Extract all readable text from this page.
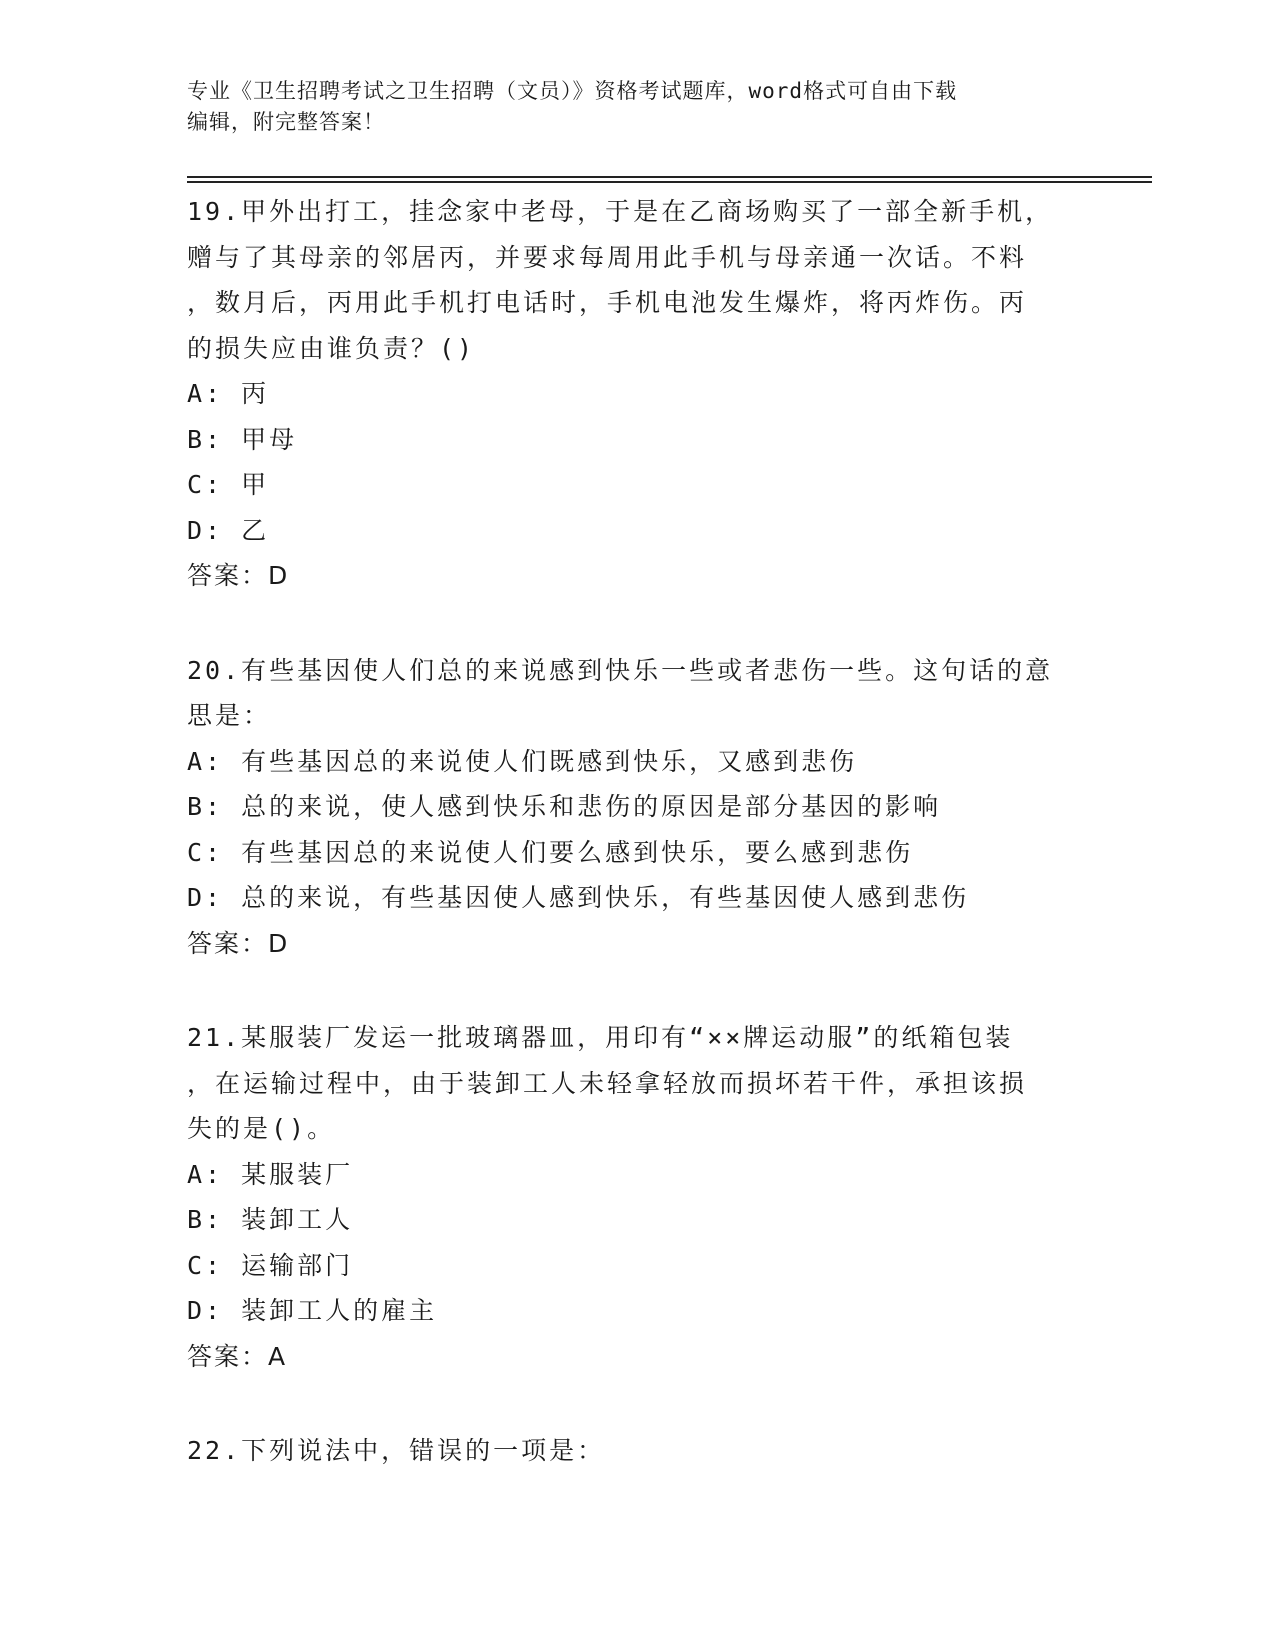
专业《卫生招聘考试之卫生招聘（文员）》资格考试题库，word格式可自由下载
编辑，附完整答案！
19.甲外出打工，挂念家中老母，于是在乙商场购买了一部全新手机，
赠与了其母亲的邻居丙，并要求每周用此手机与母亲通一次话。不料
，数月后，丙用此手机打电话时，手机电池发生爆炸，将丙炸伤。丙
的损失应由谁负责？()
A: 丙
B: 甲母
C: 甲
D: 乙
答案：D
20.有些基因使人们总的来说感到快乐一些或者悲伤一些。这句话的意
思是：
A: 有些基因总的来说使人们既感到快乐，又感到悲伤
B: 总的来说，使人感到快乐和悲伤的原因是部分基因的影响
C: 有些基因总的来说使人们要么感到快乐，要么感到悲伤
D: 总的来说，有些基因使人感到快乐，有些基因使人感到悲伤
答案：D
21.某服装厂发运一批玻璃器皿，用印有“××牌运动服”的纸箱包装
，在运输过程中，由于装卸工人未轻拿轻放而损坏若干件，承担该损
失的是()。
A: 某服装厂
B: 装卸工人
C: 运输部门
D: 装卸工人的雇主
答案：A
22.下列说法中，错误的一项是：
